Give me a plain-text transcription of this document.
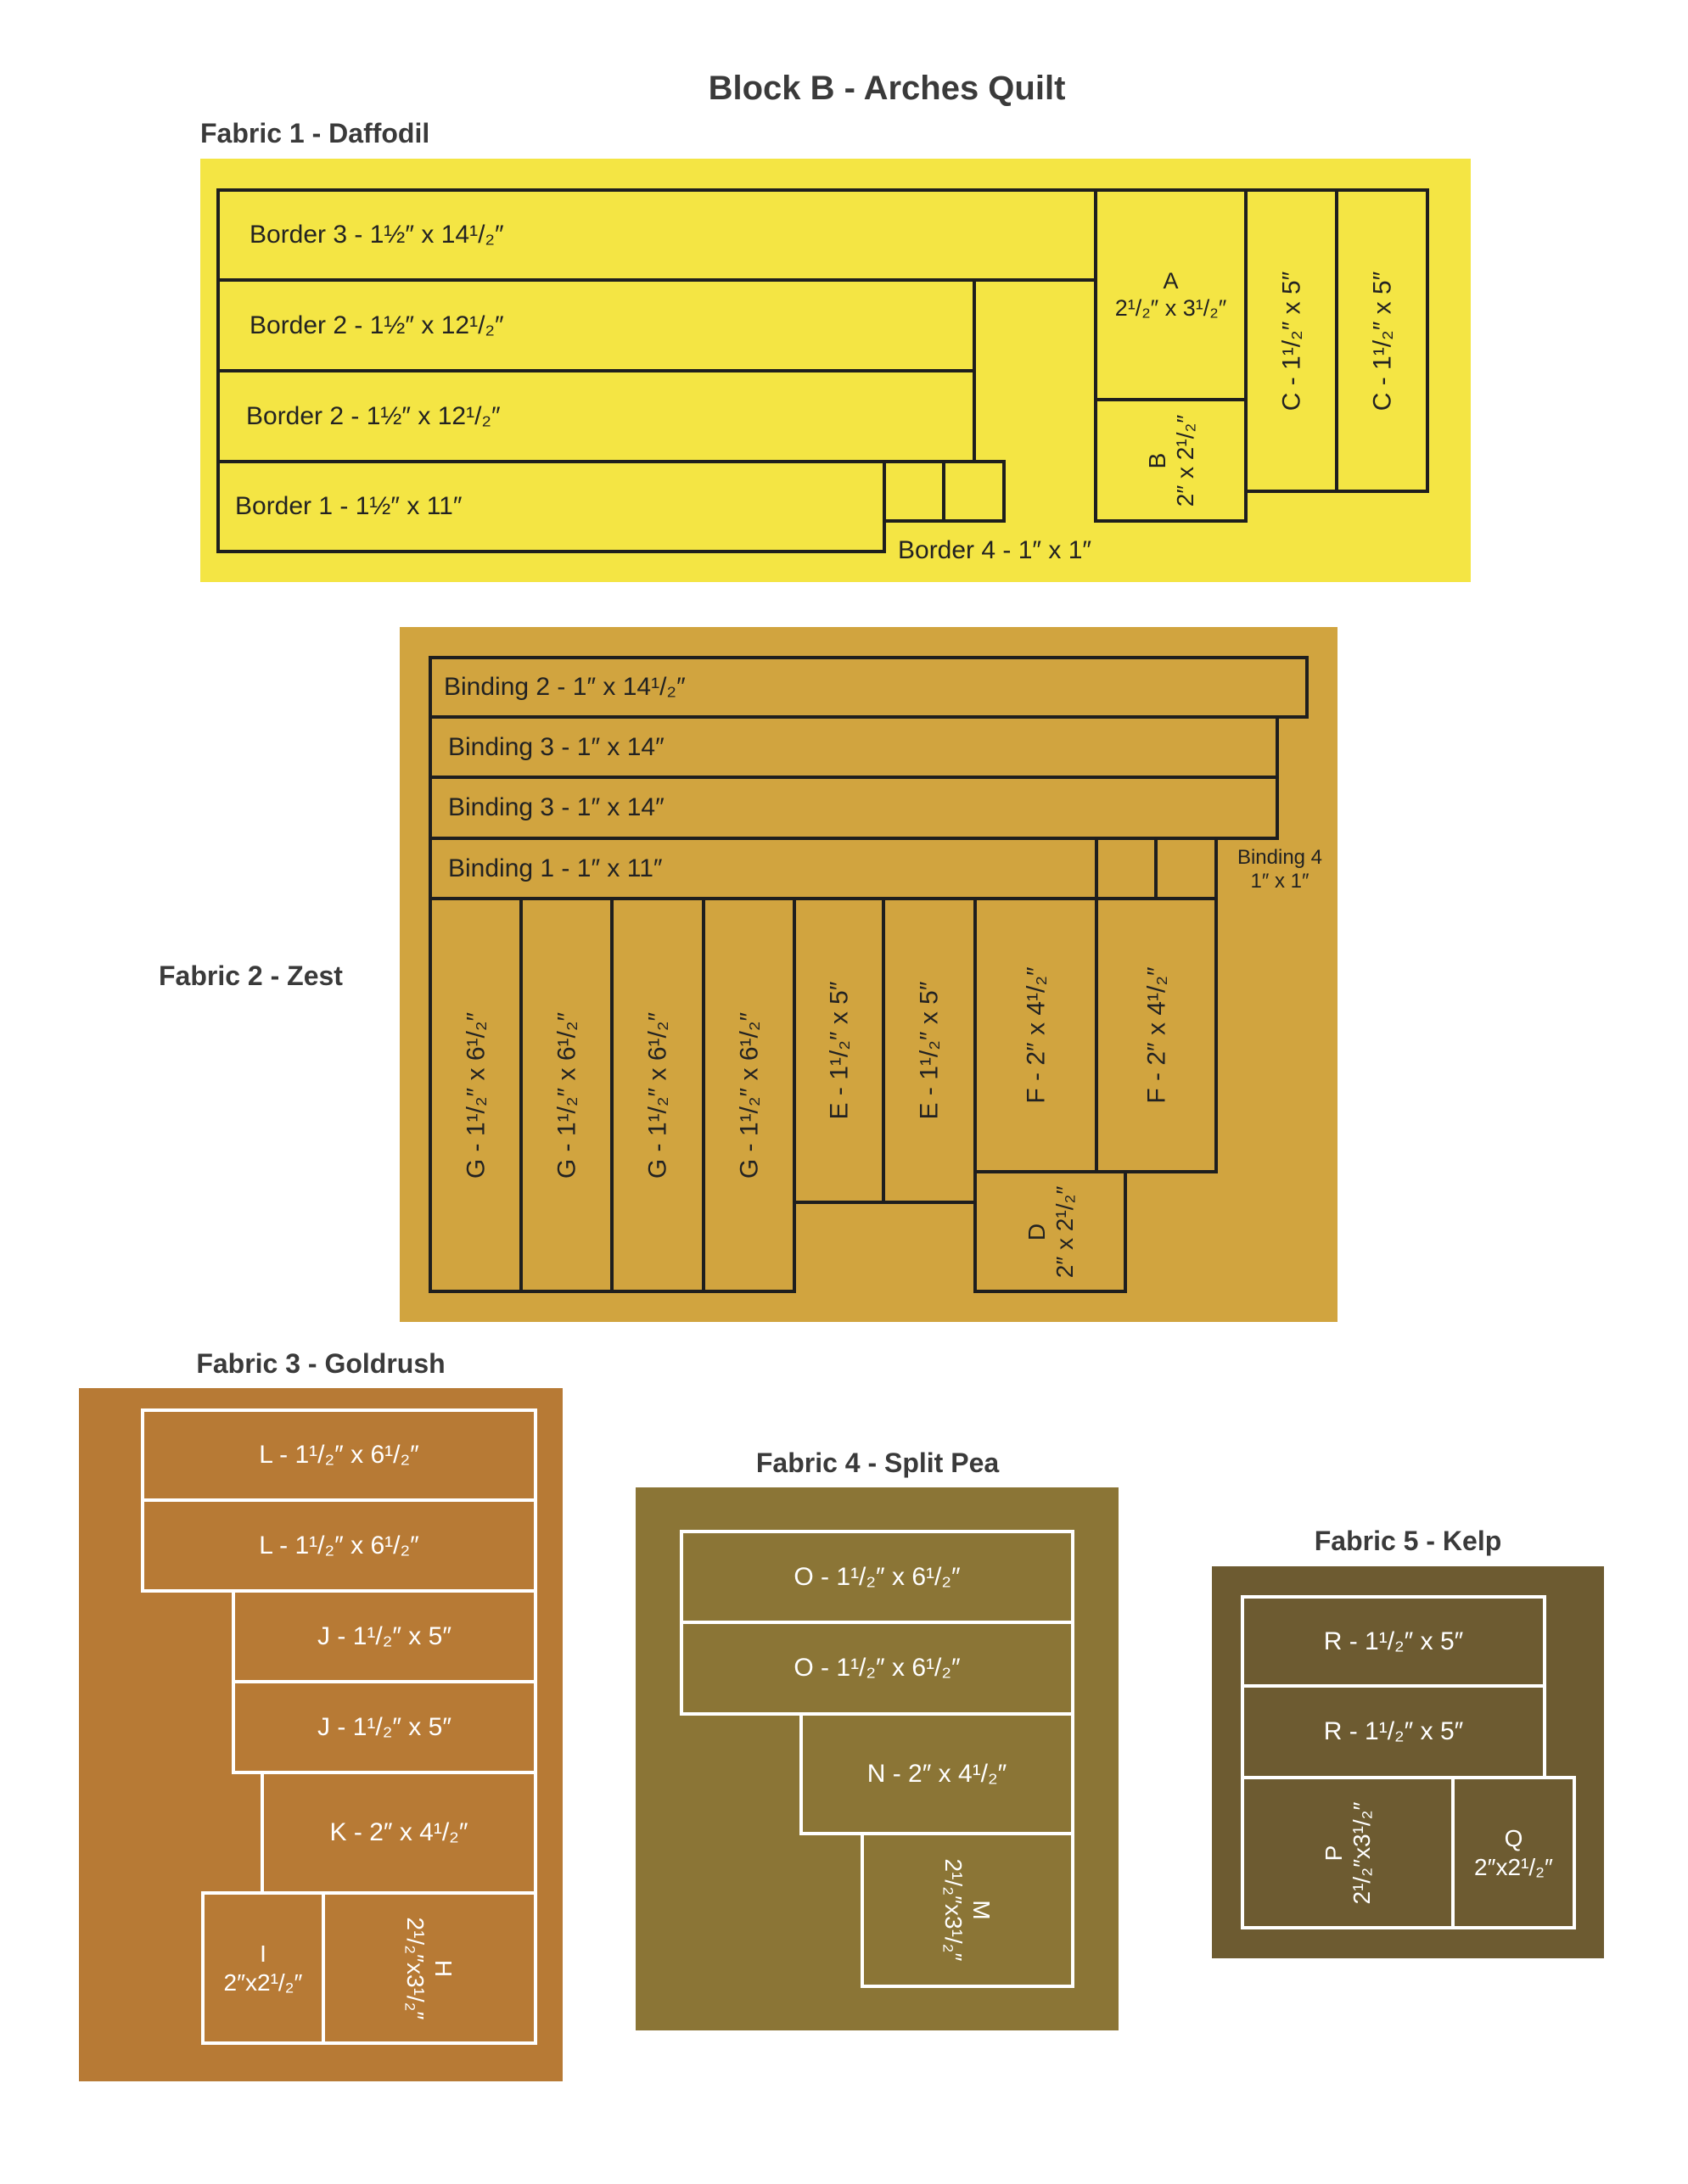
Block B - Arches Quilt
Fabric 1 - Daffodil
Border 3 - 1½″ x 14¹/₂″
Border 2 - 1½″ x 12¹/₂″
Border 2 - 1½″ x 12¹/₂″
Border 1 - 1½″ x 11″
Border 4 - 1″ x 1″
A
2¹/₂″ x 3¹/₂″
B 2″ x 2¹/₂″
C - 1¹/₂″ x 5″ C - 1¹/₂″ x 5″
Fabric 2 - Zest
Binding 2 - 1″ x 14¹/₂″
Binding 3 - 1″ x 14″
Binding 3 - 1″ x 14″
Binding 1 - 1″ x 11″	Binding 4
1″ x 1″
G - 1¹/₂″ x 6¹/₂″ G - 1¹/₂″ x 6¹/₂″ G - 1¹/₂″ x 6¹/₂″ G - 1¹/₂″ x 6¹/₂″ E - 1¹/₂″ x 5″ E - 1¹/₂″ x 5″	F - 2″ x 4¹/₂″	F - 2″ x 4¹/₂″
D 2″ x 2¹/₂″
Fabric 3 - Goldrush
L - 1¹/₂″ x 6¹/₂″
L - 1¹/₂″ x 6¹/₂″
J - 1¹/₂″ x 5″
J - 1¹/₂″ x 5″
K - 2″ x 4¹/₂″
I
2″x2¹/₂″
H
2¹/₂″x3¹/₂″
Fabric 4 - Split Pea
O - 1¹/₂″ x 6¹/₂″
O - 1¹/₂″ x 6¹/₂″
N - 2″ x 4¹/₂″
M
2¹/₂″x3¹/₂″
Fabric 5 - Kelp
R - 1¹/₂″ x 5″
R - 1¹/₂″ x 5″
P 2¹/₂″x3¹/₂″	Q
2″x2¹/₂″
